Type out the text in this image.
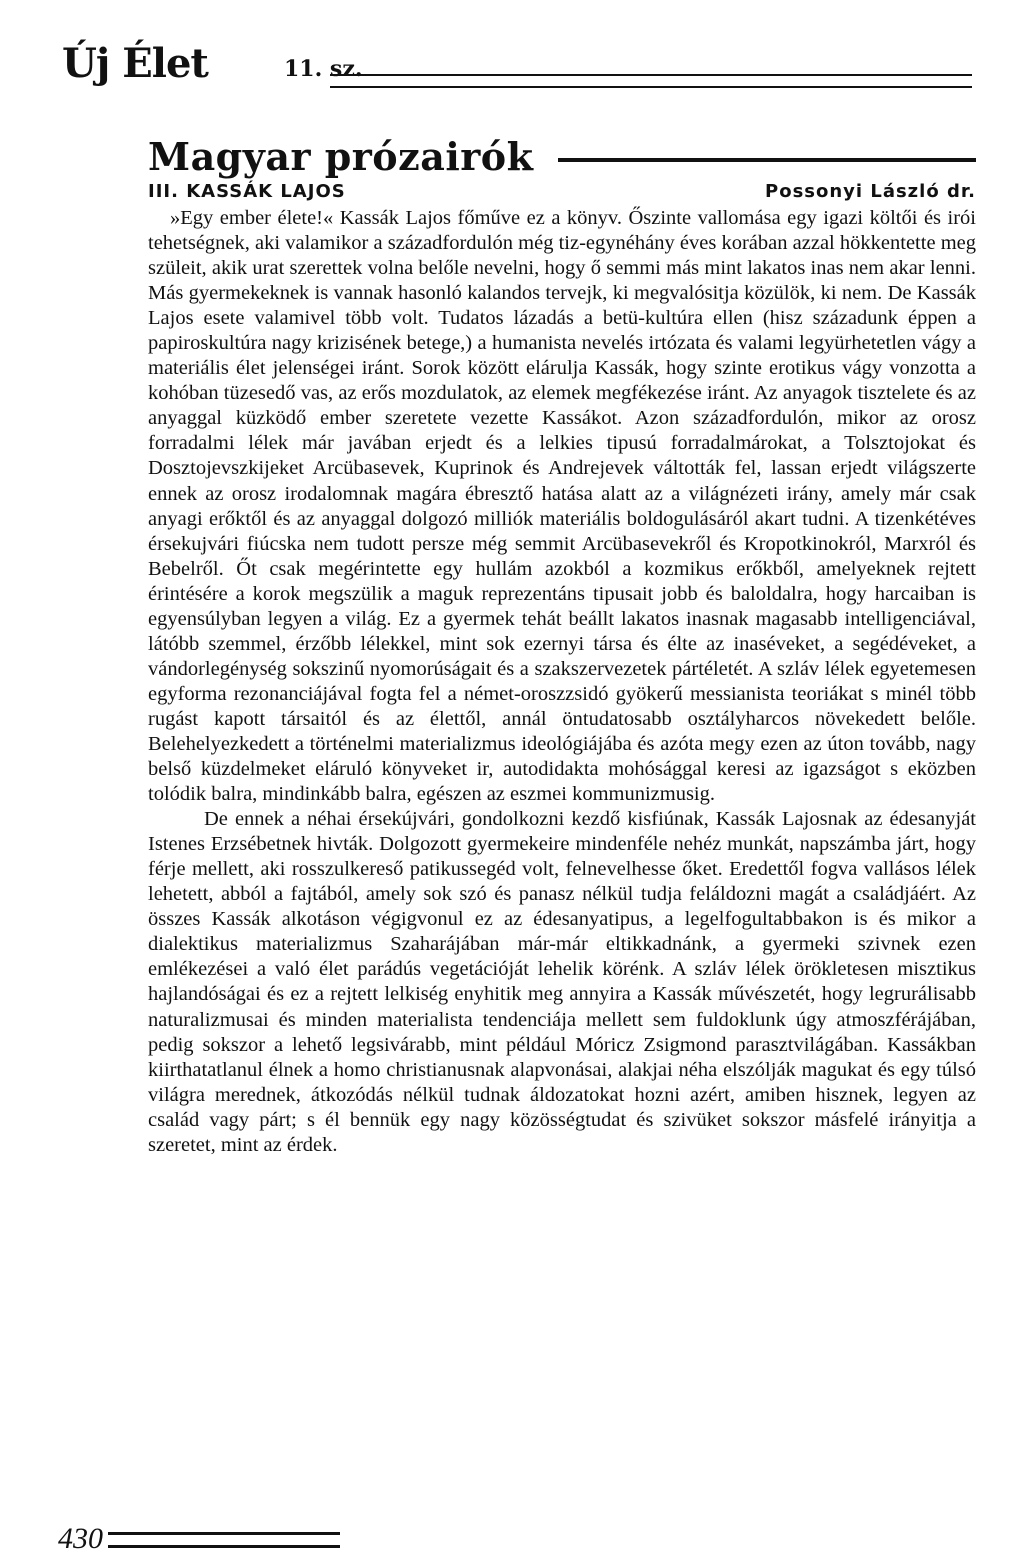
Új Élet	11. sz.
Magyar prózairók
III. KASSÁK LAJOS	Possonyi László dr.

»Egy ember élete!« Kassák Lajos főműve ez a könyv. Őszinte vallomása egy igazi költői és irói tehetségnek, aki valamikor a századfordulón még tiz-egynéhány éves korában azzal hökkentette meg szüleit, akik urat szerettek volna belőle nevelni, hogy ő semmi más mint lakatos inas nem akar lenni. Más gyermekeknek is vannak hasonló kalandos tervejk, ki megvalósitja közülök, ki nem. De Kassák Lajos esete valamivel több volt. Tudatos lázadás a betü-kultúra ellen (hisz századunk éppen a papiroskultúra nagy krizisének betege,) a humanista nevelés irtózata és valami legyürhetetlen vágy a materiális élet jelenségei iránt. Sorok között elárulja Kassák, hogy szinte erotikus vágy vonzotta a kohóban tüzesedő vas, az erős mozdulatok, az elemek megfékezése iránt. Az anyagok tisztelete és az anyaggal küzködő ember szeretete vezette Kassákot. Azon századfordulón, mikor az orosz forradalmi lélek már javában erjedt és a lelkies tipusú forradalmárokat, a Tolsztojokat és Dosztojevszkijeket Arcübasevek, Kuprinok és Andrejevek váltották fel, lassan erjedt világszerte ennek az orosz irodalomnak magára ébresztő hatása alatt az a világnézeti irány, amely már csak anyagi erőktől és az anyaggal dolgozó milliók materiális boldogulásáról akart tudni. A tizenkétéves érsekujvári fiúcska nem tudott persze még semmit Arcübasevekről és Kropotkinokról, Marxról és Bebelről. Őt csak megérintette egy hullám azokból a kozmikus erőkből, amelyeknek rejtett érintésére a korok megszülik a maguk reprezentáns tipusait jobb és baloldalra, hogy harcaiban is egyensúlyban legyen a világ. Ez a gyermek tehát beállt lakatos inasnak magasabb intelligenciával, látóbb szemmel, érzőbb lélekkel, mint sok ezernyi társa és élte az inaséveket, a segédéveket, a vándorlegénység sokszinű nyomorúságait és a szakszervezetek pártéletét. A szláv lélek egyetemesen egyforma rezonanciájával fogta fel a német-oroszzsidó gyökerű messianista teoriákat s minél több rugást kapott társaitól és az élettől, annál öntudatosabb osztályharcos növekedett belőle. Belehelyezkedett a történelmi materializmus ideológiájába és azóta megy ezen az úton tovább, nagy belső küzdelmeket eláruló könyveket ir, autodidakta mohósággal keresi az igazságot s eközben tolódik balra, mindinkább balra, egészen az eszmei kommunizmusig.

De ennek a néhai érsekújvári, gondolkozni kezdő kisfiúnak, Kassák Lajosnak az édesanyját Istenes Erzsébetnek hivták. Dolgozott gyermekeire mindenféle nehéz munkát, napszámba járt, hogy férje mellett, aki rosszulkereső patikussegéd volt, felnevelhesse őket. Eredettől fogva vallásos lélek lehetett, abból a fajtából, amely sok szó és panasz nélkül tudja feláldozni magát a családjáért. Az összes Kassák alkotáson végigvonul ez az édesanyatipus, a legelfogultabbakon is és mikor a dialektikus materializmus Szaharájában már-már eltikkadnánk, a gyermeki szivnek ezen emlékezései a való élet parádús vegetációját lehelik körénk. A szláv lélek örökletesen misztikus hajlandóságai és ez a rejtett lelkiség enyhitik meg annyira a Kassák művészetét, hogy legrurálisabb naturalizmusai és minden materialista tendenciája mellett sem fuldoklunk úgy atmoszférájában, pedig sokszor a lehető legsivárabb, mint például Móricz Zsigmond parasztvilágában. Kassákban kiirthatatlanul élnek a homo christianusnak alapvonásai, alakjai néha elszólják magukat és egy túlsó világra merednek, átkozódás nélkül tudnak áldozatokat hozni azért, amiben hisznek, legyen az család vagy párt; s él bennük egy nagy közösségtudat és szivüket sokszor másfelé irányitja a szeretet, mint az érdek.

430
